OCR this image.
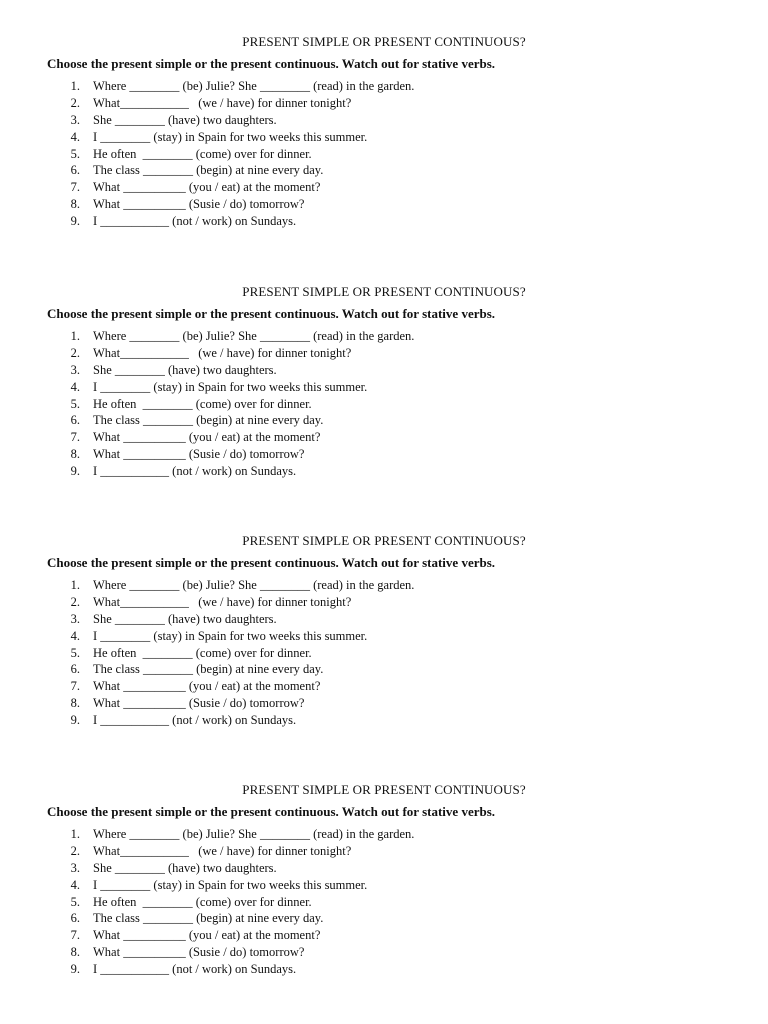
PRESENT SIMPLE OR PRESENT CONTINUOUS?
Choose the present simple or the present continuous. Watch out for stative verbs.
1. Where ________ (be) Julie? She ________ (read) in the garden.
2. What___________   (we / have) for dinner tonight?
3. She ________ (have) two daughters.
4. I ________ (stay) in Spain for two weeks this summer.
5. He often  ________ (come) over for dinner.
6. The class ________ (begin) at nine every day.
7. What __________ (you / eat) at the moment?
8. What __________ (Susie / do) tomorrow?
9. I ___________ (not / work) on Sundays.
PRESENT SIMPLE OR PRESENT CONTINUOUS?
Choose the present simple or the present continuous. Watch out for stative verbs.
1. Where ________ (be) Julie? She ________ (read) in the garden.
2. What___________   (we / have) for dinner tonight?
3. She ________ (have) two daughters.
4. I ________ (stay) in Spain for two weeks this summer.
5. He often  ________ (come) over for dinner.
6. The class ________ (begin) at nine every day.
7. What __________ (you / eat) at the moment?
8. What __________ (Susie / do) tomorrow?
9. I ___________ (not / work) on Sundays.
PRESENT SIMPLE OR PRESENT CONTINUOUS?
Choose the present simple or the present continuous. Watch out for stative verbs.
1. Where ________ (be) Julie? She ________ (read) in the garden.
2. What___________   (we / have) for dinner tonight?
3. She ________ (have) two daughters.
4. I ________ (stay) in Spain for two weeks this summer.
5. He often  ________ (come) over for dinner.
6. The class ________ (begin) at nine every day.
7. What __________ (you / eat) at the moment?
8. What __________ (Susie / do) tomorrow?
9. I ___________ (not / work) on Sundays.
PRESENT SIMPLE OR PRESENT CONTINUOUS?
Choose the present simple or the present continuous. Watch out for stative verbs.
1. Where ________ (be) Julie? She ________ (read) in the garden.
2. What___________   (we / have) for dinner tonight?
3. She ________ (have) two daughters.
4. I ________ (stay) in Spain for two weeks this summer.
5. He often  ________ (come) over for dinner.
6. The class ________ (begin) at nine every day.
7. What __________ (you / eat) at the moment?
8. What __________ (Susie / do) tomorrow?
9. I ___________ (not / work) on Sundays.
